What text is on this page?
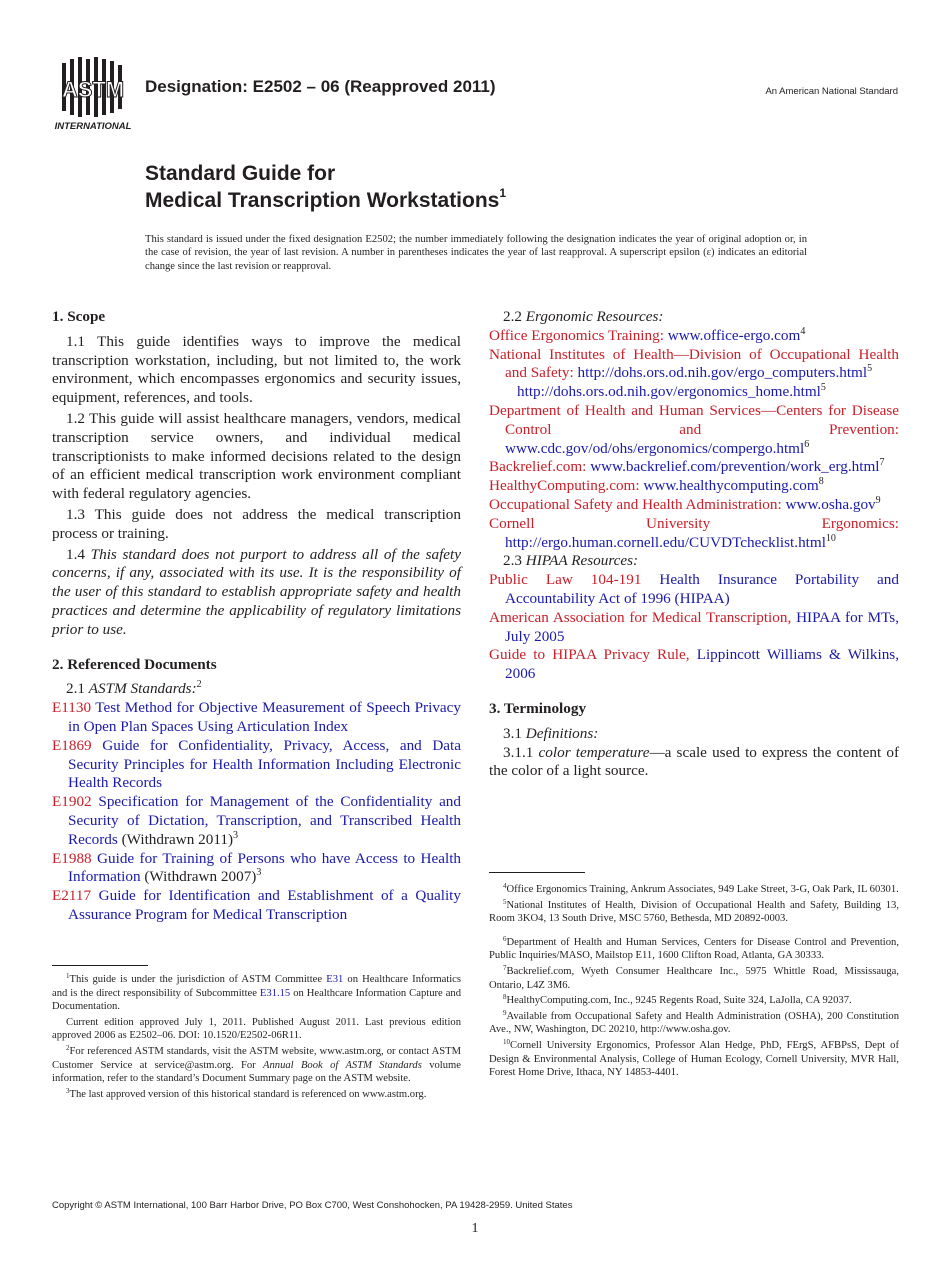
ASTM
INTERNATIONAL
Designation: E2502 – 06 (Reapproved 2011)	An American National Standard
Standard Guide for
Medical Transcription Workstations$^1$
This standard is issued under the fixed designation E2502; the number immediately following the designation indicates the year of original adoption or, in the case of revision, the year of last revision. A number in parentheses indicates the year of last reapproval. A superscript epsilon (ε) indicates an editorial change since the last revision or reapproval.
1. Scope

1.1 This guide identifies ways to improve the medical transcription workstation, including, but not limited to, the work environment, which encompasses ergonomics and security issues, equipment, references, and tools.

1.2 This guide will assist healthcare managers, vendors, medical transcription service owners, and individual medical transcriptionists to make informed decisions related to the design of an efficient medical transcription work environment compliant with federal regulatory agencies.

1.3 This guide does not address the medical transcription process or training.

1.4 This standard does not purport to address all of the safety concerns, if any, associated with its use. It is the responsibility of the user of this standard to establish appropriate safety and health practices and determine the applicability of regulatory limitations prior to use.

2. Referenced Documents

2.1 ASTM Standards:$^2$

E1130 Test Method for Objective Measurement of Speech Privacy in Open Plan Spaces Using Articulation Index

E1869 Guide for Confidentiality, Privacy, Access, and Data Security Principles for Health Information Including Electronic Health Records

E1902 Specification for Management of the Confidentiality and Security of Dictation, Transcription, and Transcribed Health Records (Withdrawn 2011)$^3$

E1988 Guide for Training of Persons who have Access to Health Information (Withdrawn 2007)$^3$

E2117 Guide for Identification and Establishment of a Quality Assurance Program for Medical Transcription

2.2 Ergonomic Resources:

Office Ergonomics Training: www.office-ergo.com$^4$

National Institutes of Health—Division of Occupational Health and Safety: http://dohs.ors.od.nih.gov/ergo_computers.html$^5$

http://dohs.ors.od.nih.gov/ergonomics_home.html$^5$

Department of Health and Human Services—Centers for Disease Control and Prevention: www.cdc.gov/od/ohs/ergonomics/compergo.html$^6$

Backrelief.com: www.backrelief.com/prevention/work_erg.html$^7$

HealthyComputing.com: www.healthycomputing.com$^8$

Occupational Safety and Health Administration: www.osha.gov$^9$

Cornell University Ergonomics: http://ergo.human.cornell.edu/CUVDTchecklist.html$^{10}$

2.3 HIPAA Resources:

Public Law 104-191 Health Insurance Portability and Accountability Act of 1996 (HIPAA)

American Association for Medical Transcription, HIPAA for MTs, July 2005

Guide to HIPAA Privacy Rule, Lippincott Williams & Wilkins, 2006

3. Terminology

3.1 Definitions:

3.1.1 color temperature—a scale used to express the content of the color of a light source.

$^1$This guide is under the jurisdiction of ASTM Committee E31 on Healthcare Informatics and is the direct responsibility of Subcommittee E31.15 on Healthcare Information Capture and Documentation.

Current edition approved July 1, 2011. Published August 2011. Last previous edition approved 2006 as E2502–06. DOI: 10.1520/E2502-06R11.

$^2$For referenced ASTM standards, visit the ASTM website, www.astm.org, or contact ASTM Customer Service at service@astm.org. For Annual Book of ASTM Standards volume information, refer to the standard’s Document Summary page on the ASTM website.

$^3$The last approved version of this historical standard is referenced on www.astm.org.

$^4$Office Ergonomics Training, Ankrum Associates, 949 Lake Street, 3-G, Oak Park, IL 60301.

$^5$National Institutes of Health, Division of Occupational Health and Safety, Building 13, Room 3KO4, 13 South Drive, MSC 5760, Bethesda, MD 20892-0003.

$^6$Department of Health and Human Services, Centers for Disease Control and Prevention, Public Inquiries/MASO, Mailstop E11, 1600 Clifton Road, Atlanta, GA 30333.

$^7$Backrelief.com, Wyeth Consumer Healthcare Inc., 5975 Whittle Road, Mississauga, Ontario, L4Z 3M6.

$^8$HealthyComputing.com, Inc., 9245 Regents Road, Suite 324, LaJolla, CA 92037.

$^9$Available from Occupational Safety and Health Administration (OSHA), 200 Constitution Ave., NW, Washington, DC 20210, http://www.osha.gov.

$^{10}$Cornell University Ergonomics, Professor Alan Hedge, PhD, FErgS, AFBPsS, Dept of Design & Environmental Analysis, College of Human Ecology, Cornell University, MVR Hall, Forest Home Drive, Ithaca, NY 14853-4401.

Copyright © ASTM International, 100 Barr Harbor Drive, PO Box C700, West Conshohocken, PA 19428-2959. United States
1
